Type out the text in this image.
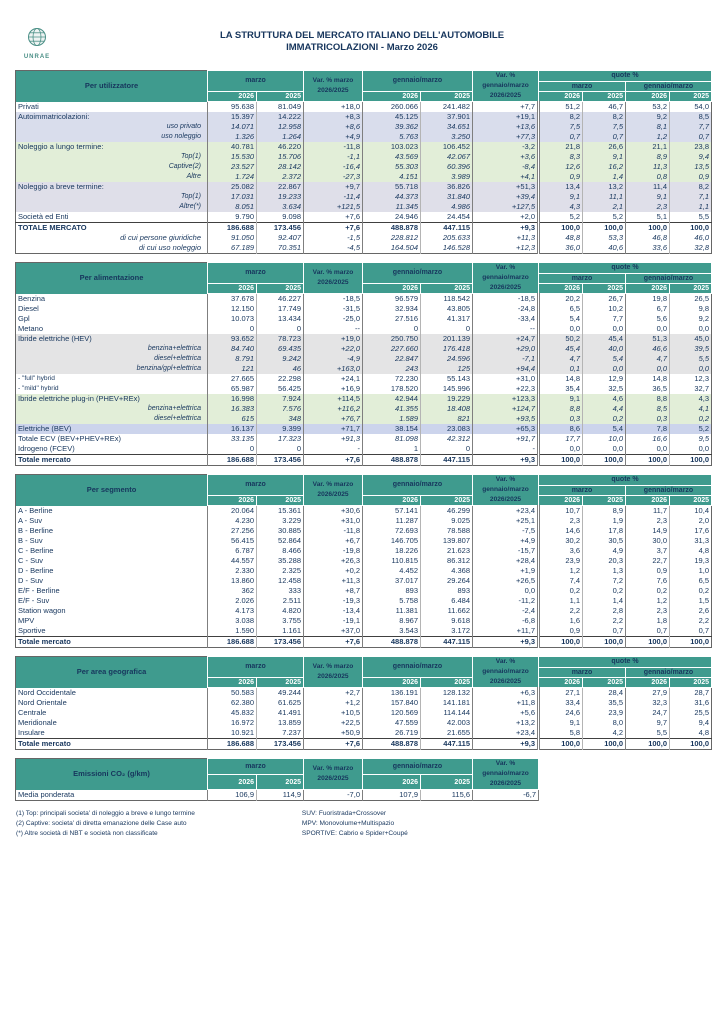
UNRAE
LA STRUTTURA DEL MERCATO ITALIANO DELL'AUTOMOBILE
IMMATRICOLAZIONI - Marzo 2026
Per utilizzatore	marzo		Var. % marzo
2026/2025	gennaio/marzo		Var. %
gennaio/marzo
2026/2025	quote %			
							marzo		gennaio/marzo	
	2026	2025		2026	2025		2026	2025	2026	2025
Privati	95.638	81.049	+18,0	260.066	241.482	+7,7	51,2	46,7	53,2	54,0
Autoimmatricolazioni:	15.397	14.222	+8,3	45.125	37.901	+19,1	8,2	8,2	9,2	8,5
uso privato	14.071	12.958	+8,6	39.362	34.651	+13,6	7,5	7,5	8,1	7,7
uso noleggio	1.326	1.264	+4,9	5.763	3.250	+77,3	0,7	0,7	1,2	0,7
Noleggio a lungo termine:	40.781	46.220	-11,8	103.023	106.452	-3,2	21,8	26,6	21,1	23,8
Top(1)	15.530	15.706	-1,1	43.569	42.067	+3,6	8,3	9,1	8,9	9,4
Captive(2)	23.527	28.142	-16,4	55.303	60.396	-8,4	12,6	16,2	11,3	13,5
Altre	1.724	2.372	-27,3	4.151	3.989	+4,1	0,9	1,4	0,8	0,9
Noleggio a breve termine:	25.082	22.867	+9,7	55.718	36.826	+51,3	13,4	13,2	11,4	8,2
Top(1)	17.031	19.233	-11,4	44.373	31.840	+39,4	9,1	11,1	9,1	7,1
Altre(*)	8.051	3.634	+121,5	11.345	4.986	+127,5	4,3	2,1	2,3	1,1
Società ed Enti	9.790	9.098	+7,6	24.946	24.454	+2,0	5,2	5,2	5,1	5,5
TOTALE MERCATO	186.688	173.456	+7,6	488.878	447.115	+9,3	100,0	100,0	100,0	100,0
di cui persone giuridiche	91.050	92.407	-1,5	228.812	205.633	+11,3	48,8	53,3	46,8	46,0
di cui uso noleggio	67.189	70.351	-4,5	164.504	146.528	+12,3	36,0	40,6	33,6	32,8
Per alimentazione	marzo		Var. % marzo
2026/2025	gennaio/marzo		Var. %
gennaio/marzo
2026/2025	quote %			
							marzo		gennaio/marzo	
	2026	2025		2026	2025		2026	2025	2026	2025
Benzina	37.678	46.227	-18,5	96.579	118.542	-18,5	20,2	26,7	19,8	26,5
Diesel	12.150	17.749	-31,5	32.934	43.805	-24,8	6,5	10,2	6,7	9,8
Gpl	10.073	13.434	-25,0	27.516	41.317	-33,4	5,4	7,7	5,6	9,2
Metano	0	0	--	0	0	--	0,0	0,0	0,0	0,0
Ibride elettriche (HEV)	93.652	78.723	+19,0	250.750	201.139	+24,7	50,2	45,4	51,3	45,0
benzina+elettrica	84.740	69.435	+22,0	227.660	176.418	+29,0	45,4	40,0	46,6	39,5
diesel+elettrica	8.791	9.242	-4,9	22.847	24.596	-7,1	4,7	5,4	4,7	5,5
benzina/gpl+elettrica	121	46	+163,0	243	125	+94,4	0,1	0,0	0,0	0,0
- "full" hybrid	27.665	22.298	+24,1	72.230	55.143	+31,0	14,8	12,9	14,8	12,3
- "mild" hybrid	65.987	56.425	+16,9	178.520	145.996	+22,3	35,4	32,5	36,5	32,7
Ibride elettriche plug-in (PHEV+REx)	16.998	7.924	+114,5	42.944	19.229	+123,3	9,1	4,6	8,8	4,3
benzina+elettrica	16.383	7.576	+116,2	41.355	18.408	+124,7	8,8	4,4	8,5	4,1
diesel+elettrica	615	348	+76,7	1.589	821	+93,5	0,3	0,2	0,3	0,2
Elettriche (BEV)	16.137	9.399	+71,7	38.154	23.083	+65,3	8,6	5,4	7,8	5,2
Totale ECV (BEV+PHEV+REx)	33.135	17.323	+91,3	81.098	42.312	+91,7	17,7	10,0	16,6	9,5
Idrogeno (FCEV)	0	0	-	1	0	-	0,0	0,0	0,0	0,0
Totale mercato	186.688	173.456	+7,6	488.878	447.115	+9,3	100,0	100,0	100,0	100,0
Per segmento	marzo		Var. % marzo
2026/2025	gennaio/marzo		Var. %
gennaio/marzo
2026/2025	quote %			
							marzo		gennaio/marzo	
	2026	2025		2026	2025		2026	2025	2026	2025
A - Berline	20.064	15.361	+30,6	57.141	46.299	+23,4	10,7	8,9	11,7	10,4
A - Suv	4.230	3.229	+31,0	11.287	9.025	+25,1	2,3	1,9	2,3	2,0
B - Berline	27.256	30.885	-11,8	72.693	78.588	-7,5	14,6	17,8	14,9	17,6
B - Suv	56.415	52.864	+6,7	146.705	139.807	+4,9	30,2	30,5	30,0	31,3
C - Berline	6.787	8.466	-19,8	18.226	21.623	-15,7	3,6	4,9	3,7	4,8
C - Suv	44.557	35.288	+26,3	110.815	86.312	+28,4	23,9	20,3	22,7	19,3
D - Berline	2.330	2.325	+0,2	4.452	4.368	+1,9	1,2	1,3	0,9	1,0
D - Suv	13.860	12.458	+11,3	37.017	29.264	+26,5	7,4	7,2	7,6	6,5
E/F - Berline	362	333	+8,7	893	893	0,0	0,2	0,2	0,2	0,2
E/F - Suv	2.026	2.511	-19,3	5.758	6.484	-11,2	1,1	1,4	1,2	1,5
Station wagon	4.173	4.820	-13,4	11.381	11.662	-2,4	2,2	2,8	2,3	2,6
MPV	3.038	3.755	-19,1	8.967	9.618	-6,8	1,6	2,2	1,8	2,2
Sportive	1.590	1.161	+37,0	3.543	3.172	+11,7	0,9	0,7	0,7	0,7
Totale mercato	186.688	173.456	+7,6	488.878	447.115	+9,3	100,0	100,0	100,0	100,0
Per area geografica	marzo		Var. % marzo
2026/2025	gennaio/marzo		Var. %
gennaio/marzo
2026/2025	quote %			
							marzo		gennaio/marzo	
	2026	2025		2026	2025		2026	2025	2026	2025
Nord Occidentale	50.583	49.244	+2,7	136.191	128.132	+6,3	27,1	28,4	27,9	28,7
Nord Orientale	62.380	61.625	+1,2	157.840	141.181	+11,8	33,4	35,5	32,3	31,6
Centrale	45.832	41.491	+10,5	120.569	114.144	+5,6	24,6	23,9	24,7	25,5
Meridionale	16.972	13.859	+22,5	47.559	42.003	+13,2	9,1	8,0	9,7	9,4
Insulare	10.921	7.237	+50,9	26.719	21.655	+23,4	5,8	4,2	5,5	4,8
Totale mercato	186.688	173.456	+7,6	488.878	447.115	+9,3	100,0	100,0	100,0	100,0
Emissioni CO₂ (g/km)	marzo		Var. % marzo
2026/2025	gennaio/marzo		Var. %
gennaio/marzo
2026/2025
	2026	2025		2026	2025	
Media ponderata	106,9	114,9	-7,0	107,9	115,6	-6,7
(1) Top: principali societa' di noleggio a breve e lungo termine
(2) Captive: societa' di diretta emanazione delle Case auto
(*) Altre società di NBT e società non classificate

SUV: Fuoristrada+Crossover
MPV: Monovolume+Multispazio
SPORTIVE: Cabrio e Spider+Coupé
